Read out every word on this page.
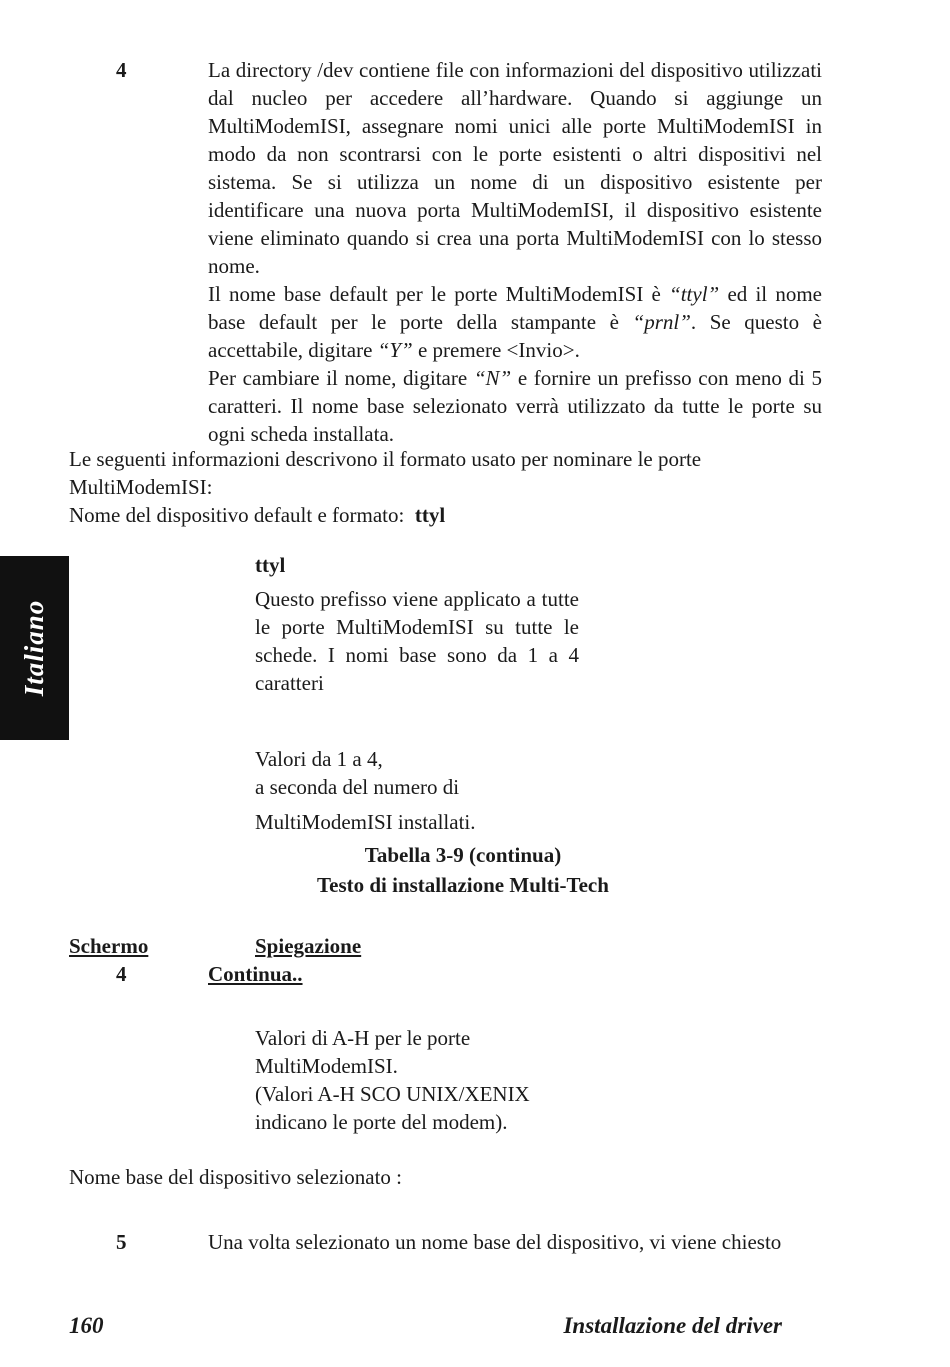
4	La directory /dev contiene file con informazioni del dispositivo utilizzati dal nucleo per accedere all’hardware. Quando si aggiunge un MultiModemISI, assegnare nomi unici alle porte MultiModemISI in modo da non scontrarsi con le porte esistenti o altri dispositivi nel sistema. Se si utilizza un nome di un dispositivo esistente per identificare una nuova porta MultiModemISI, il dispositivo esistente viene eliminato quando si crea una porta MultiModemISI con lo stesso nome.
Il nome base default per le porte MultiModemISI è “ttyl” ed il nome base default per le porte della stampante è “prnl”. Se questo è accettabile, digitare “Y” e premere <Invio>.
Per cambiare il nome, digitare “N” e fornire un prefisso con meno di 5 caratteri. Il nome base selezionato verrà utilizzato da tutte le porte su ogni scheda installata.
Le seguenti informazioni descrivono il formato usato per nominare le porte
MultiModemISI:
Nome del dispositivo default e formato: ttyl
Italiano
ttyl
Questo prefisso viene applicato a tutte le porte MultiModemISI su tutte le schede. I nomi base sono da 1 a 4 caratteri
Valori da 1 a 4,
a seconda del numero di
MultiModemISI installati.
Tabella 3-9 (continua)
Testo di installazione Multi-Tech
Schermo	Spiegazione
4	Continua..
Valori di A-H per le porte
MultiModemISI.
(Valori A-H SCO UNIX/XENIX
indicano le porte del modem).
Nome base del dispositivo selezionato :
5	Una volta selezionato un nome base del dispositivo, vi viene chiesto
160	Installazione del driver
